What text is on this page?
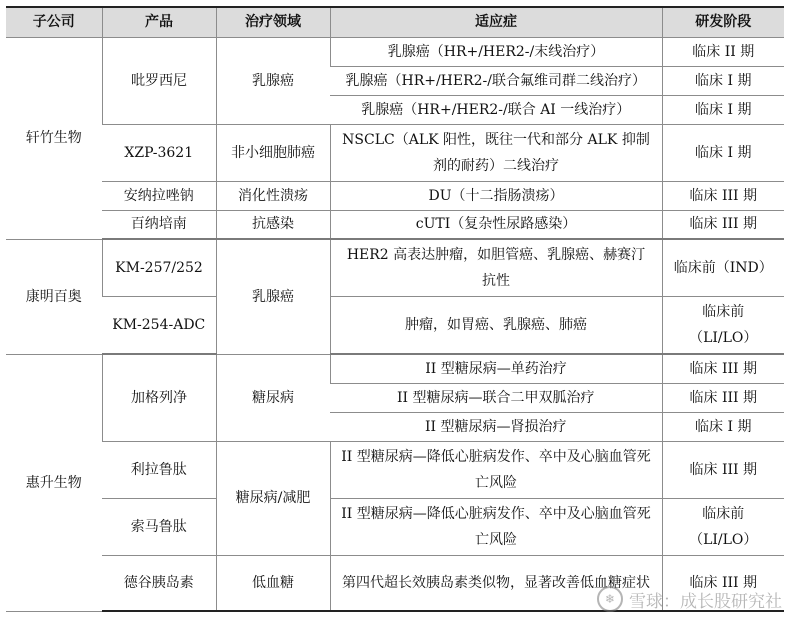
子公司	产品	治疗领域	适应症	研发阶段
轩竹生物	吡罗西尼	乳腺癌	乳腺癌（HR+/HER2-/末线治疗）	临床 II 期
			乳腺癌（HR+/HER2-/联合氟维司群二线治疗）	临床 I 期
			乳腺癌（HR+/HER2-/联合 AI 一线治疗）	临床 I 期
	XZP-3621	非小细胞肺癌	NSCLC（ALK 阳性，既往一代和部分 ALK 抑制剂的耐药）二线治疗	临床 I 期
	安纳拉唑钠	消化性溃疡	DU（十二指肠溃疡）	临床 III 期
	百纳培南	抗感染	cUTI（复杂性尿路感染）	临床 III 期
康明百奥	KM-257/252	乳腺癌	HER2 高表达肿瘤，如胆管癌、乳腺癌、赫赛汀抗性	临床前（IND）
	KM-254-ADC		肿瘤，如胃癌、乳腺癌、肺癌	临床前（LI/LO）
惠升生物	加格列净	糖尿病	II 型糖尿病—单药治疗	临床 III 期
			II 型糖尿病—联合二甲双胍治疗	临床 III 期
			II 型糖尿病—肾损治疗	临床 I 期
	利拉鲁肽	糖尿病/减肥	II 型糖尿病—降低心脏病发作、卒中及心脑血管死亡风险	临床 III 期
	索马鲁肽		II 型糖尿病—降低心脏病发作、卒中及心脑血管死亡风险	临床前（LI/LO）
	德谷胰岛素	低血糖	第四代超长效胰岛素类似物，显著改善低血糖症状	临床 III 期
❄ 雪球：成长股研究社
